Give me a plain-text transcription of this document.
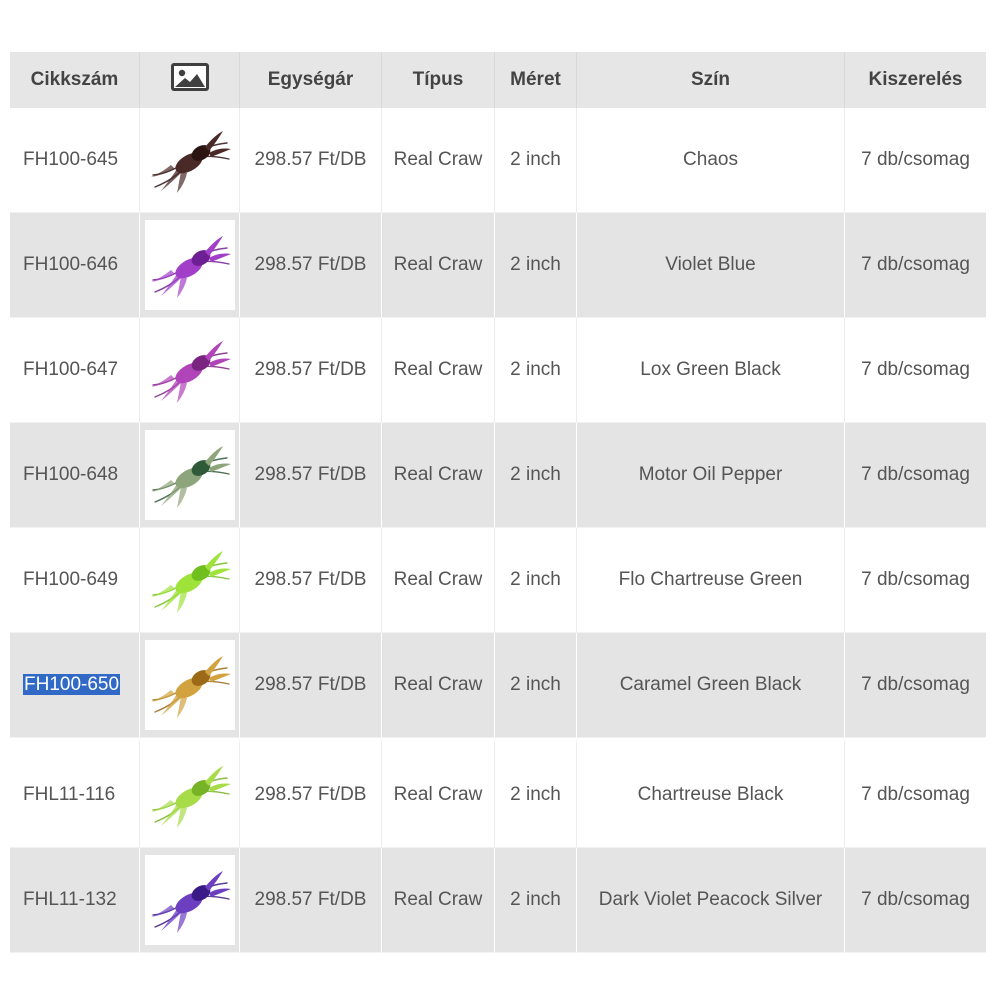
Cikkszám		Egységár	Típus	Méret	Szín	Kiszerelés
FH100-645		298.57 Ft/DB	Real Craw	2 inch	Chaos	7 db/csomag
FH100-646		298.57 Ft/DB	Real Craw	2 inch	Violet Blue	7 db/csomag
FH100-647		298.57 Ft/DB	Real Craw	2 inch	Lox Green Black	7 db/csomag
FH100-648		298.57 Ft/DB	Real Craw	2 inch	Motor Oil Pepper	7 db/csomag
FH100-649		298.57 Ft/DB	Real Craw	2 inch	Flo Chartreuse Green	7 db/csomag
FH100-650		298.57 Ft/DB	Real Craw	2 inch	Caramel Green Black	7 db/csomag
FHL11-116		298.57 Ft/DB	Real Craw	2 inch	Chartreuse Black	7 db/csomag
FHL11-132		298.57 Ft/DB	Real Craw	2 inch	Dark Violet Peacock Silver	7 db/csomag
